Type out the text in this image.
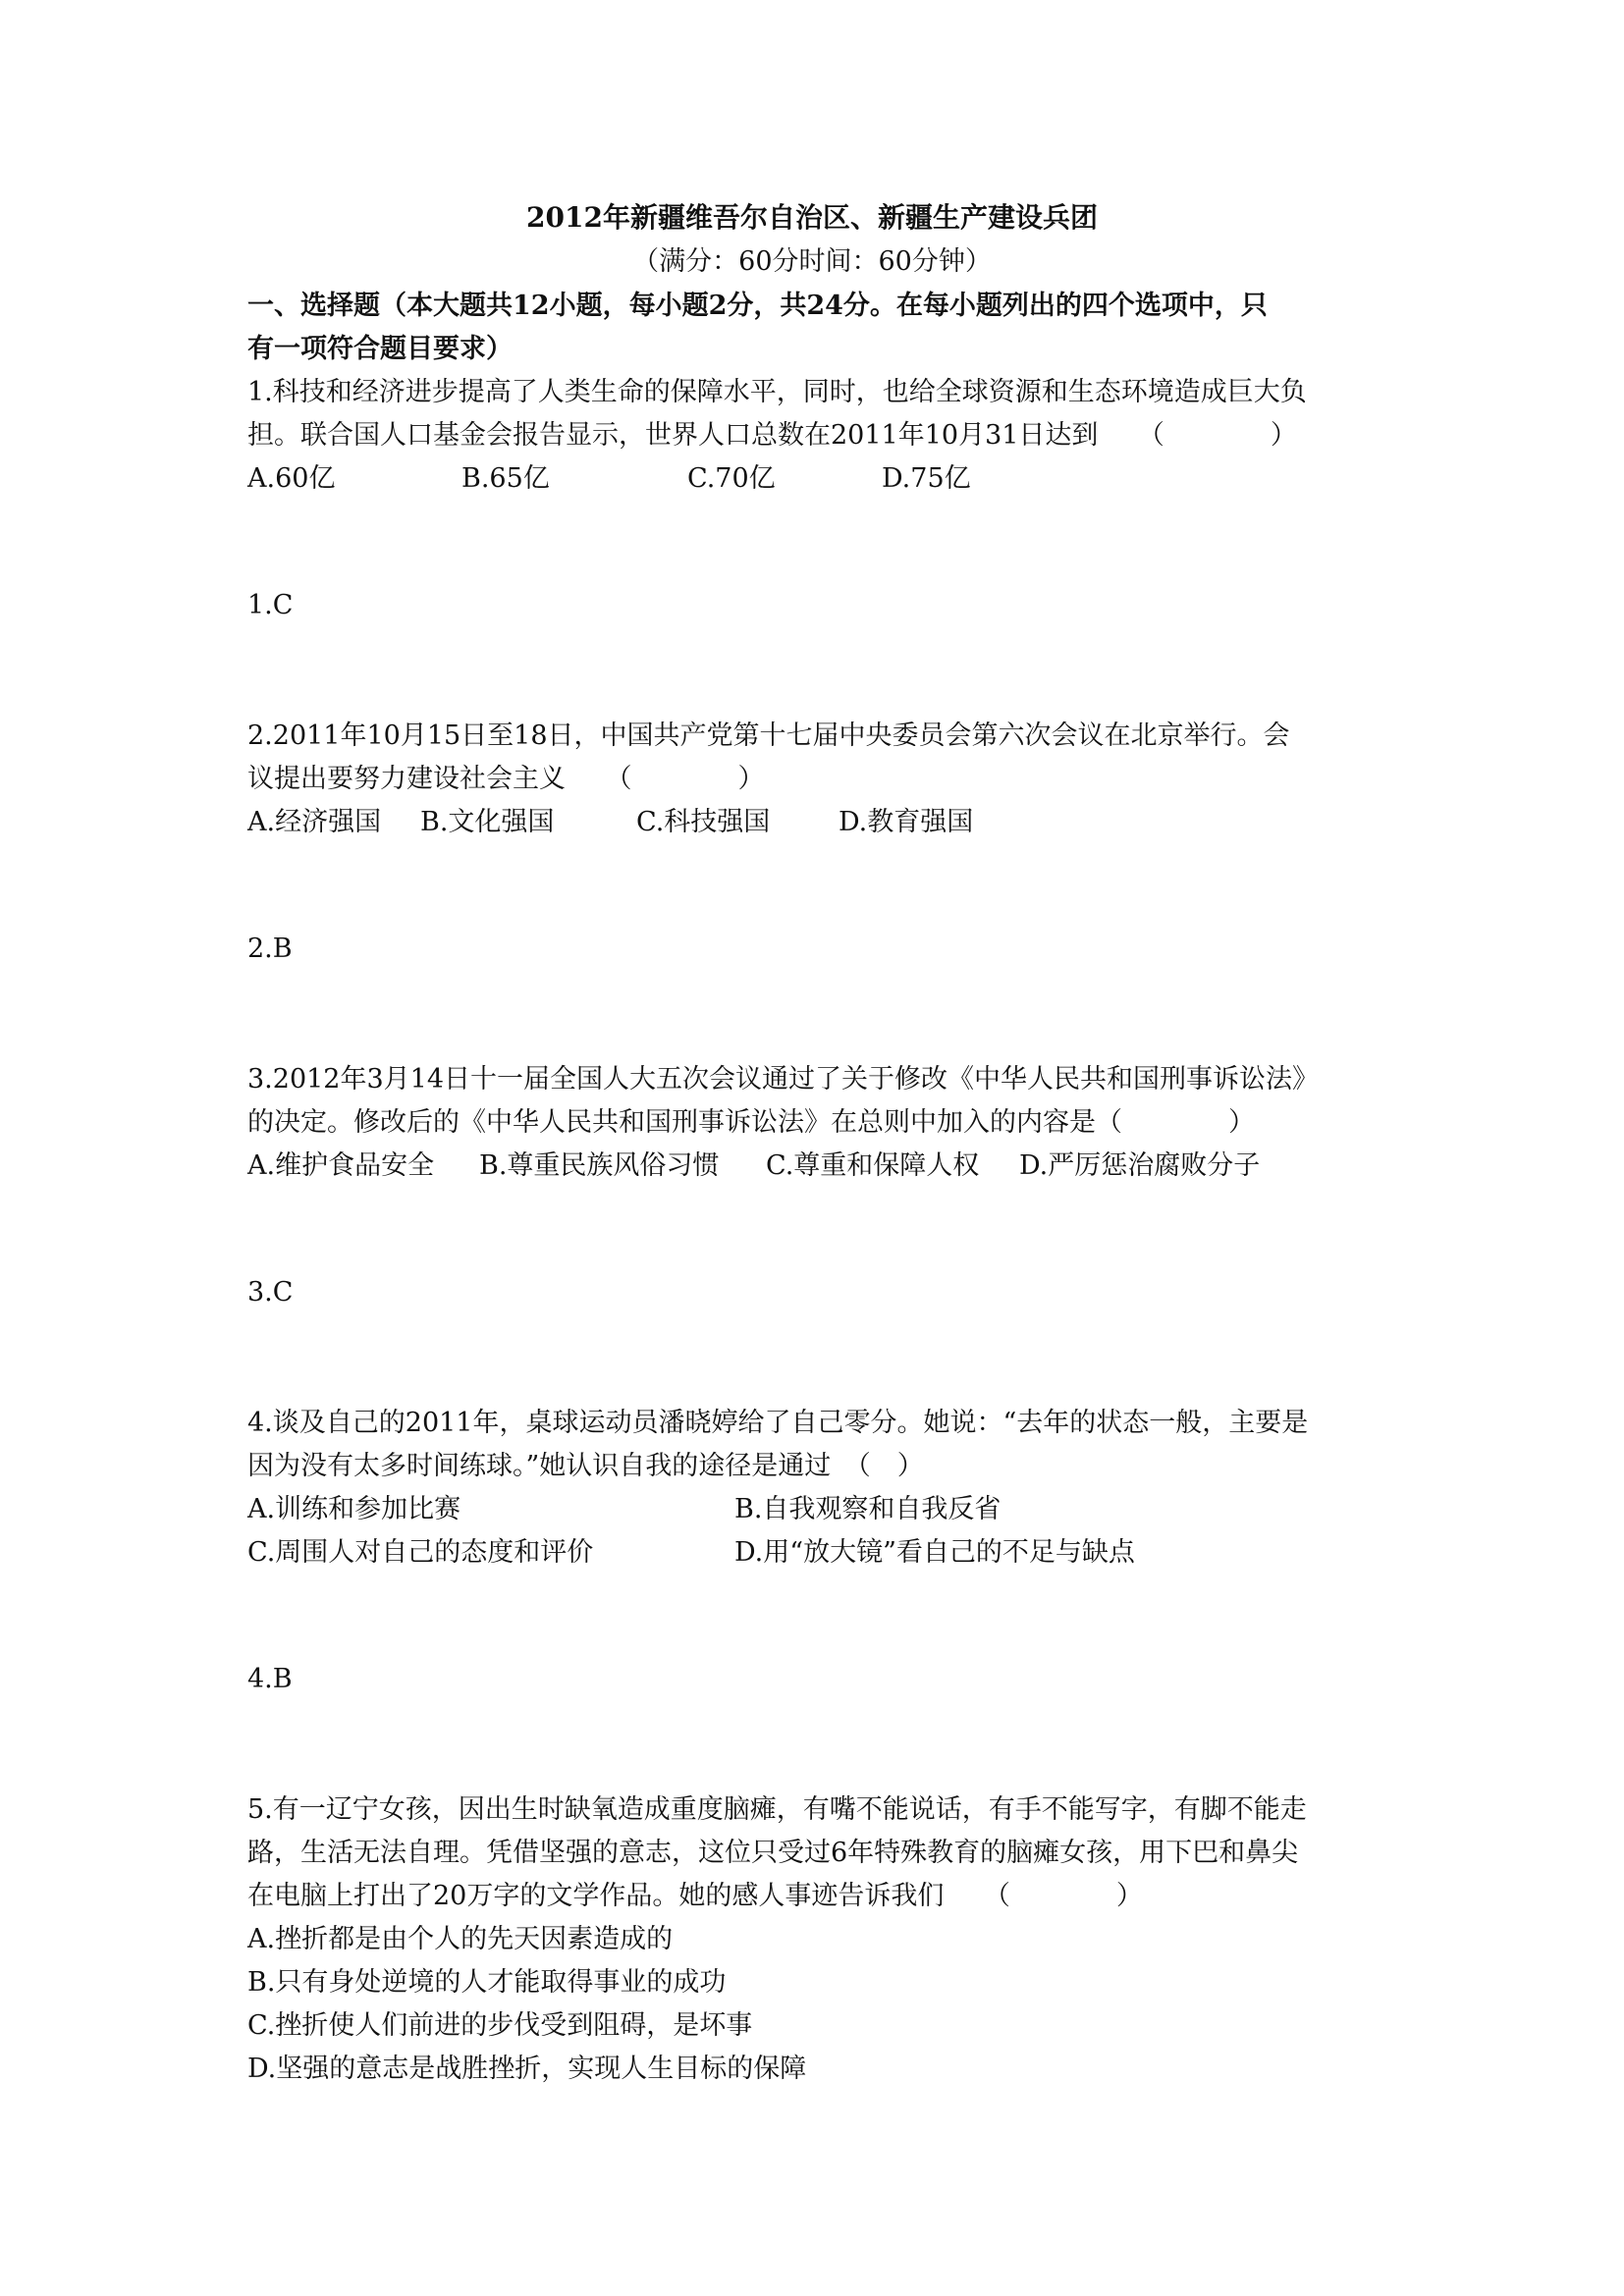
2012年新疆维吾尔自治区、新疆生产建设兵团
（满分：60分时间：60分钟）
一、选择题（本大题共12小题，每小题2分，共24分。在每小题列出的四个选项中，只
有一项符合题目要求）
1.科技和经济进步提高了人类生命的保障水平，同时，也给全球资源和生态环境造成巨大负
担。联合国人口基金会报告显示，世界人口总数在2011年10月31日达到　　（　　　　）
A.60亿	B.65亿	C.70亿	D.75亿
1.C
2.2011年10月15日至18日，中国共产党第十七届中央委员会第六次会议在北京举行。会
议提出要努力建设社会主义　　（　　　　）
A.经济强国 B.文化强国	C.科技强国	D.教育强国
2.B
3.2012年3月14日十一届全国人大五次会议通过了关于修改《中华人民共和国刑事诉讼法》
的决定。修改后的《中华人民共和国刑事诉讼法》在总则中加入的内容是（　　　　）
A.维护食品安全 B.尊重民族风俗习惯 C.尊重和保障人权 D.严厉惩治腐败分子
3.C
4.谈及自己的2011年，桌球运动员潘晓婷给了自己零分。她说：“去年的状态一般，主要是
因为没有太多时间练球。”她认识自我的途径是通过　（　）
A.训练和参加比赛	B.自我观察和自我反省
C.周围人对自己的态度和评价	D.用“放大镜”看自己的不足与缺点
4.B
5.有一辽宁女孩，因出生时缺氧造成重度脑瘫，有嘴不能说话，有手不能写字，有脚不能走
路，生活无法自理。凭借坚强的意志，这位只受过6年特殊教育的脑瘫女孩，用下巴和鼻尖
在电脑上打出了20万字的文学作品。她的感人事迹告诉我们　　（　　　　）
A.挫折都是由个人的先天因素造成的
B.只有身处逆境的人才能取得事业的成功
C.挫折使人们前进的步伐受到阻碍，是坏事
D.坚强的意志是战胜挫折，实现人生目标的保障
